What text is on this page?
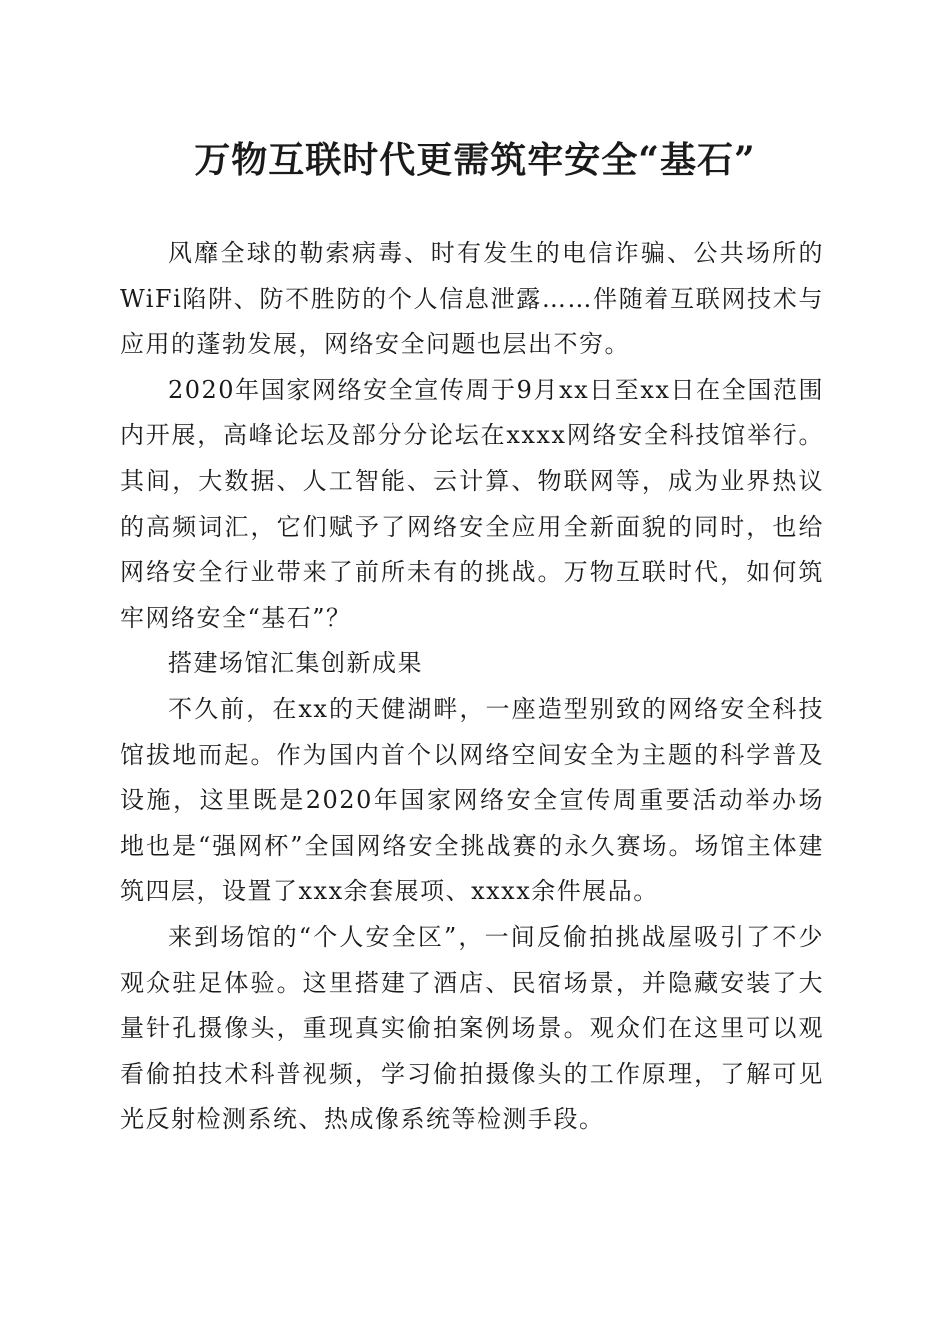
万物互联时代更需筑牢安全“基石”

风靡全球的勒索病毒、时有发生的电信诈骗、公共场所的WiFi陷阱、防不胜防的个人信息泄露……伴随着互联网技术与应用的蓬勃发展，网络安全问题也层出不穷。

2020年国家网络安全宣传周于9月xx日至xx日在全国范围内开展，高峰论坛及部分分论坛在xxxx网络安全科技馆举行。其间，大数据、人工智能、云计算、物联网等，成为业界热议的高频词汇，它们赋予了网络安全应用全新面貌的同时，也给网络安全行业带来了前所未有的挑战。万物互联时代，如何筑牢网络安全“基石”？

搭建场馆汇集创新成果

不久前，在xx的天健湖畔，一座造型别致的网络安全科技馆拔地而起。作为国内首个以网络空间安全为主题的科学普及设施，这里既是2020年国家网络安全宣传周重要活动举办场地也是“强网杯”全国网络安全挑战赛的永久赛场。场馆主体建筑四层，设置了xxx余套展项、xxxx余件展品。

来到场馆的“个人安全区”，一间反偷拍挑战屋吸引了不少观众驻足体验。这里搭建了酒店、民宿场景，并隐藏安装了大量针孔摄像头，重现真实偷拍案例场景。观众们在这里可以观看偷拍技术科普视频，学习偷拍摄像头的工作原理，了解可见光反射检测系统、热成像系统等检测手段。
